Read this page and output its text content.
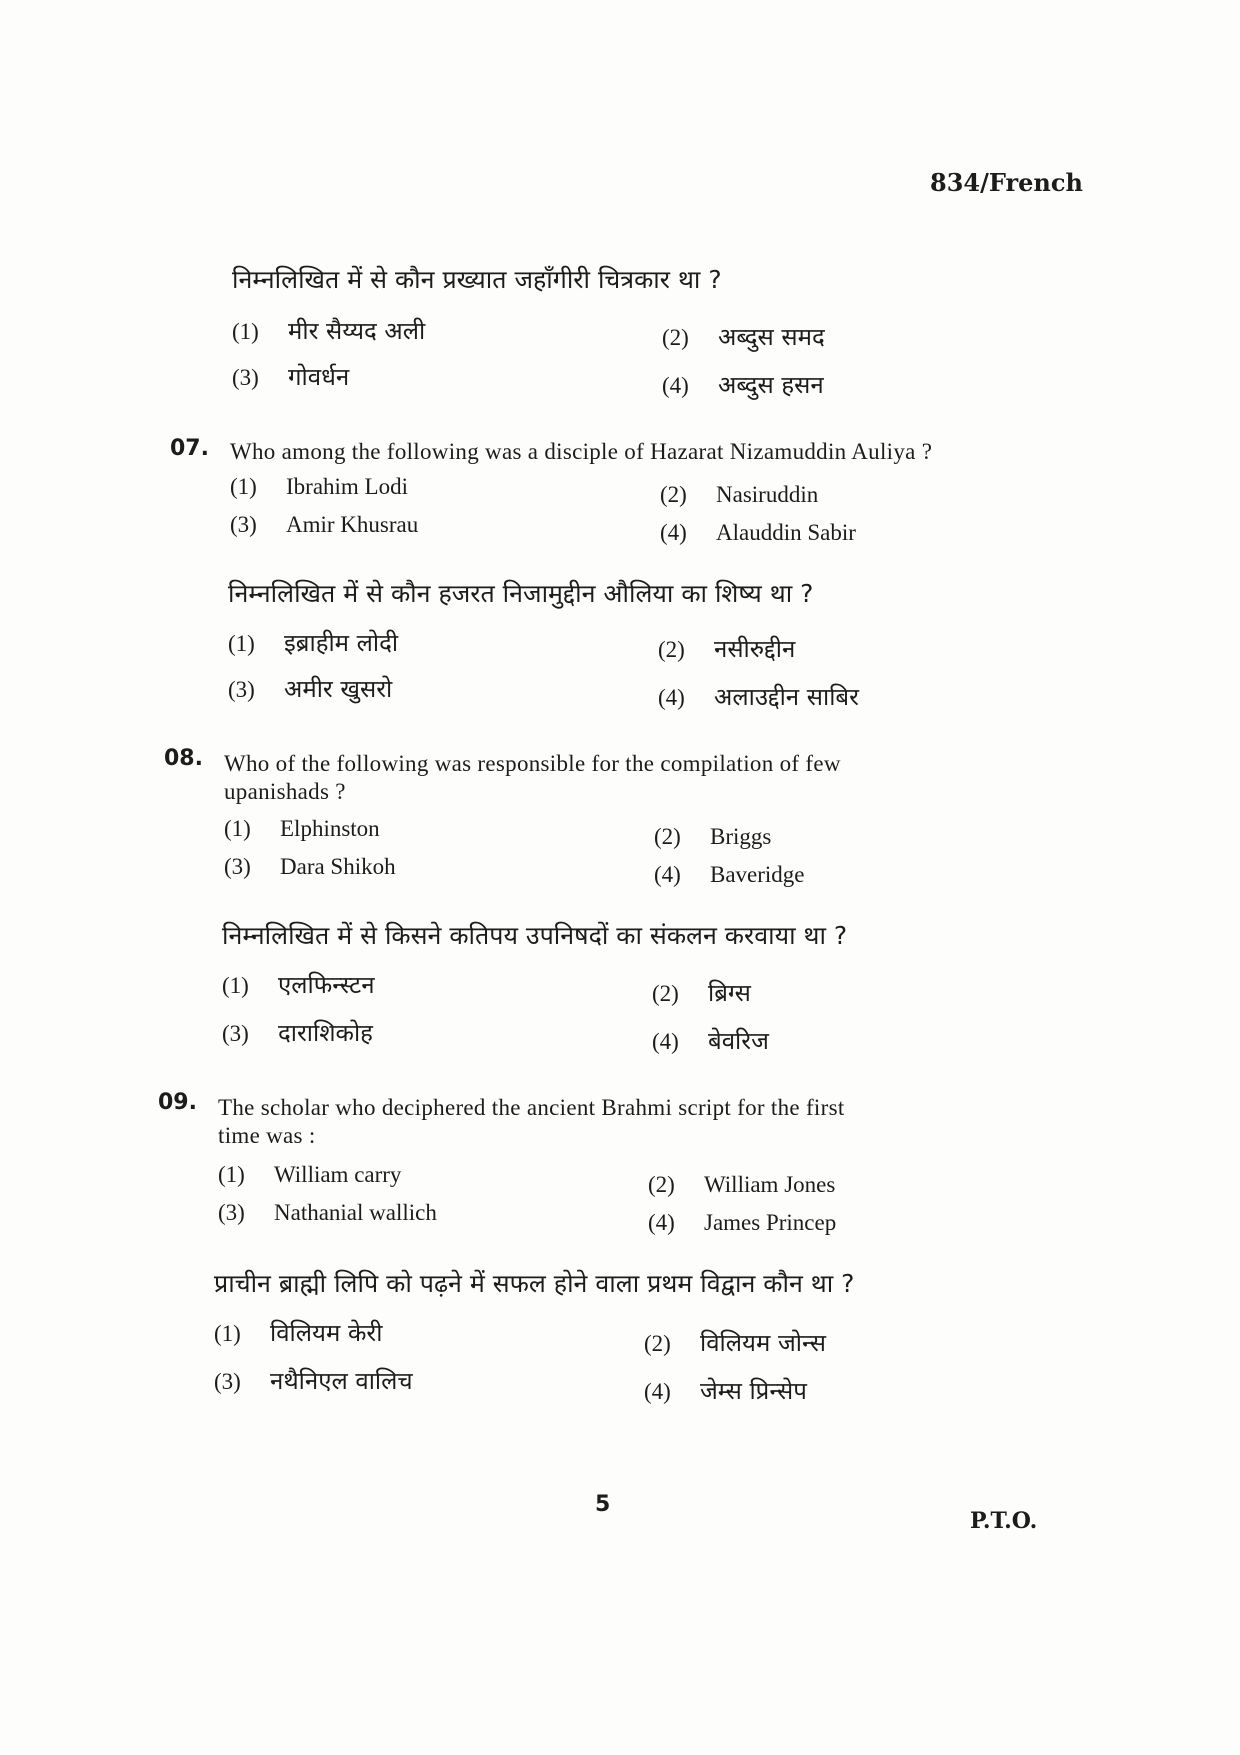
834/French
निम्नलिखित में से कौन प्रख्यात जहाँगीरी चित्रकार था ?
(1) मीर सैय्यद अली	(2) अब्दुस समद
(3) गोवर्धन	(4) अब्दुस हसन
07. Who among the following was a disciple of Hazarat Nizamuddin Auliya ?
(1) Ibrahim Lodi	(2) Nasiruddin
(3) Amir Khusrau	(4) Alauddin Sabir
निम्नलिखित में से कौन हजरत निजामुद्दीन औलिया का शिष्य था ?
(1) इब्राहीम लोदी	(2) नसीरुद्दीन
(3) अमीर खुसरो	(4) अलाउद्दीन साबिर
08. Who of the following was responsible for the compilation of few
upanishads ?
(1) Elphinston	(2) Briggs
(3) Dara Shikoh	(4) Baveridge
निम्नलिखित में से किसने कतिपय उपनिषदों का संकलन करवाया था ?
(1) एलफिन्स्टन	(2) ब्रिग्स
(3) दाराशिकोह	(4) बेवरिज
09. The scholar who deciphered the ancient Brahmi script for the first
time was :
(1) William carry	(2) William Jones
(3) Nathanial wallich	(4) James Princep
प्राचीन ब्राह्मी लिपि को पढ़ने में सफल होने वाला प्रथम विद्वान कौन था ?
(1) विलियम केरी	(2) विलियम जोन्स
(3) नथैनिएल वालिच	(4) जेम्स प्रिन्सेप
5
P.T.O.
